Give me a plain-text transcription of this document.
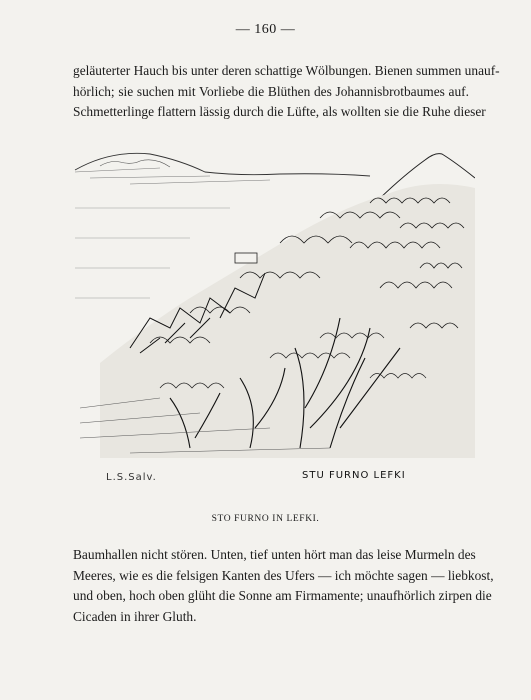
— 160 —

geläuterter Hauch bis unter deren schattige Wölbungen. Bienen summen unauf-
hörlich; sie suchen mit Vorliebe die Blüthen des Johannisbrotbaumes auf.
Schmetterlinge flattern lässig durch die Lüfte, als wollten sie die Ruhe dieser

L.S.Salv.	STU FURNO LEFKI
STO FURNO IN LEFKI.

Baumhallen nicht stören. Unten, tief unten hört man das leise Murmeln des
Meeres, wie es die felsigen Kanten des Ufers — ich möchte sagen — liebkost,
und oben, hoch oben glüht die Sonne am Firmamente; unaufhörlich zirpen die
Cicaden in ihrer Gluth.
